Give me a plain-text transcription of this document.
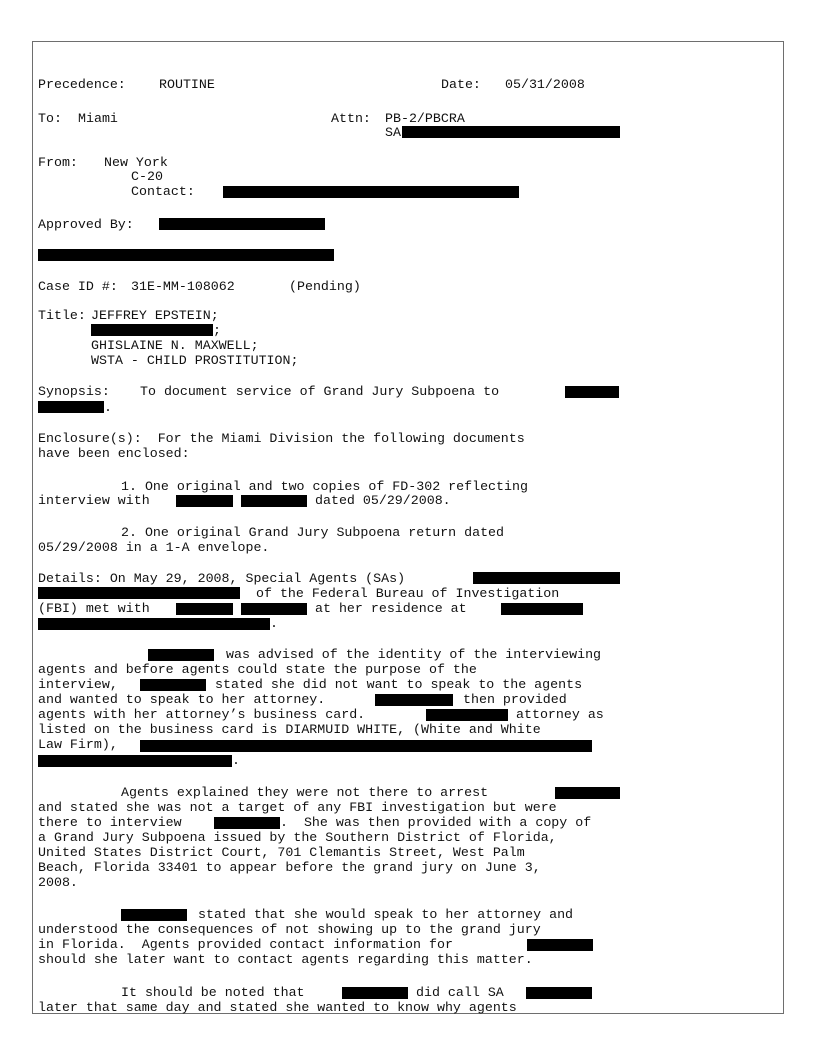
Precedence: ROUTINE	Date: 05/31/2008
To: Miami	Attn: PB-2/PBCRA
SA
From: New York
C-20
Contact:
Approved By:
Case ID #: 31E-MM-108062	(Pending)
Title: JEFFREY EPSTEIN;
;
GHISLAINE N. MAXWELL;
WSTA - CHILD PROSTITUTION;
Synopsis: To document service of Grand Jury Subpoena to
.
Enclosure(s):  For the Miami Division the following documents
have been enclosed:
1. One original and two copies of FD-302 reflecting
interview with	dated 05/29/2008.
2. One original Grand Jury Subpoena return dated
05/29/2008 in a 1-A envelope.
Details: On May 29, 2008, Special Agents (SAs)
of the Federal Bureau of Investigation
(FBI) met with	at her residence at
.
was advised of the identity of the interviewing
agents and before agents could state the purpose of the
interview,	stated she did not want to speak to the agents
and wanted to speak to her attorney.	then provided
agents with her attorney’s business card.	attorney as
listed on the business card is DIARMUID WHITE, (White and White
Law Firm),
.
Agents explained they were not there to arrest
and stated she was not a target of any FBI investigation but were
there to interview	.  She was then provided with a copy of
a Grand Jury Subpoena issued by the Southern District of Florida,
United States District Court, 701 Clemantis Street, West Palm
Beach, Florida 33401 to appear before the grand jury on June 3,
2008.
stated that she would speak to her attorney and
understood the consequences of not showing up to the grand jury
in Florida.  Agents provided contact information for
should she later want to contact agents regarding this matter.
It should be noted that	did call SA
later that same day and stated she wanted to know why agents
